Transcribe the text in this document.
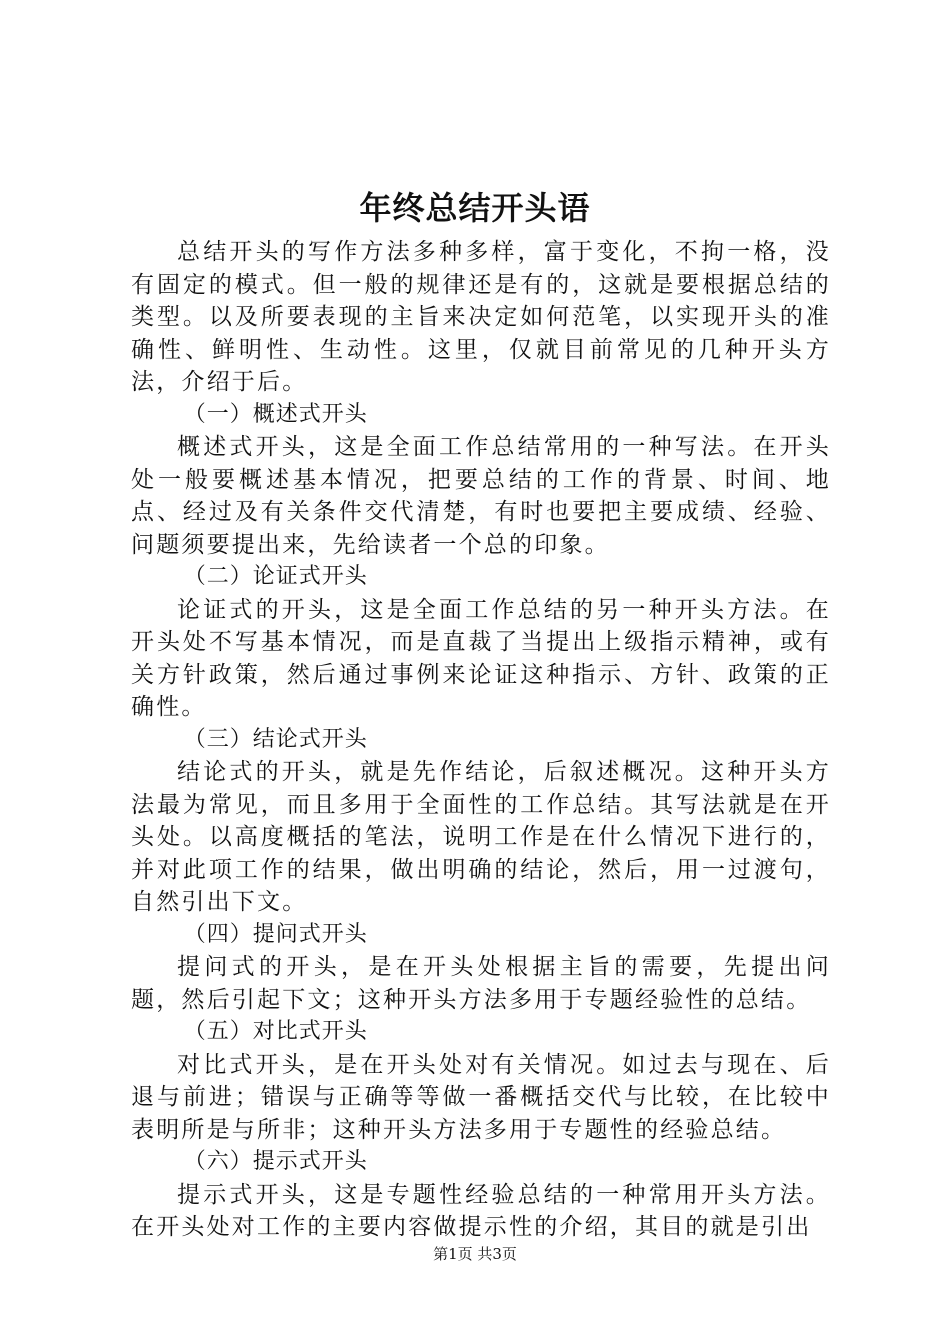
年终总结开头语

总结开头的写作方法多种多样，富于变化，不拘一格，没有固定的模式。但一般的规律还是有的，这就是要根据总结的类型。以及所要表现的主旨来决定如何范笔，以实现开头的准确性、鲜明性、生动性。这里，仅就目前常见的几种开头方法，介绍于后。

（一）概述式开头

概述式开头，这是全面工作总结常用的一种写法。在开头处一般要概述基本情况，把要总结的工作的背景、时间、地点、经过及有关条件交代清楚，有时也要把主要成绩、经验、问题须要提出来，先给读者一个总的印象。

（二）论证式开头

论证式的开头，这是全面工作总结的另一种开头方法。在开头处不写基本情况，而是直裁了当提出上级指示精神，或有关方针政策，然后通过事例来论证这种指示、方针、政策的正确性。

（三）结论式开头

结论式的开头，就是先作结论，后叙述概况。这种开头方法最为常见，而且多用于全面性的工作总结。其写法就是在开头处。以高度概括的笔法，说明工作是在什么情况下进行的，并对此项工作的结果，做出明确的结论，然后，用一过渡句，自然引出下文。

（四）提问式开头

提问式的开头，是在开头处根据主旨的需要，先提出问题，然后引起下文；这种开头方法多用于专题经验性的总结。

（五）对比式开头

对比式开头，是在开头处对有关情况。如过去与现在、后退与前进；错误与正确等等做一番概括交代与比较，在比较中表明所是与所非；这种开头方法多用于专题性的经验总结。

（六）提示式开头

提示式开头，这是专题性经验总结的一种常用开头方法。在开头处对工作的主要内容做提示性的介绍，其目的就是引出

第1页 共3页
